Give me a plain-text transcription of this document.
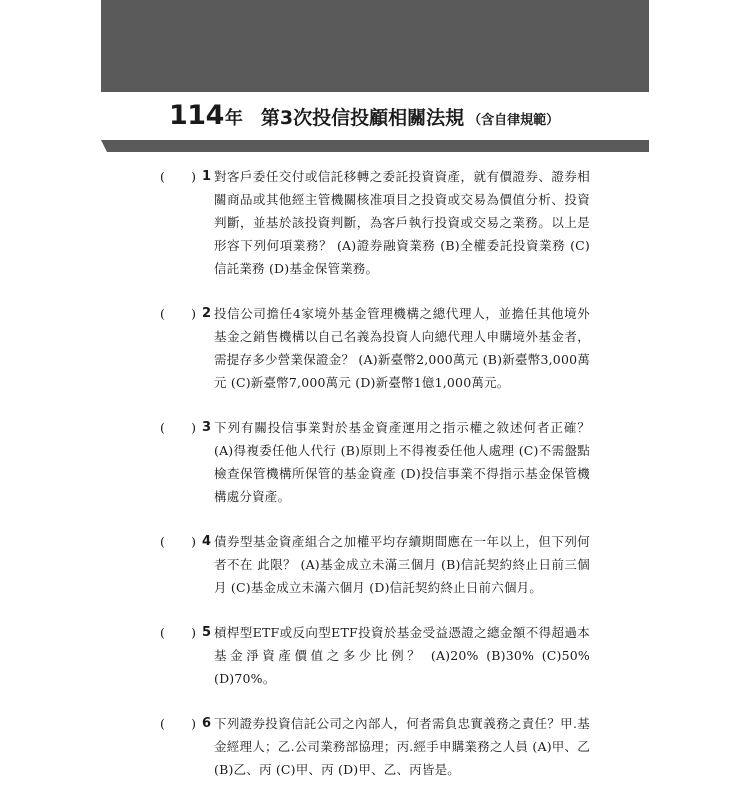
114 年 第3次投信投顧相關法規 （含自律規範）
( ) 1 對客戶委任交付或信託移轉之委託投資資產，就有價證券、證券相關商品或其他經主管機關核准項目之投資或交易為價值分析、投資判斷，並基於該投資判斷，為客戶執行投資或交易之業務。以上是形容下列何項業務？ (A)證券融資業務 (B)全權委託投資業務 (C)信託業務 (D)基金保管業務。
( ) 2 投信公司擔任4家境外基金管理機構之總代理人，並擔任其他境外基金之銷售機構以自己名義為投資人向總代理人申購境外基金者，需提存多少營業保證金？ (A)新臺幣2,000萬元 (B)新臺幣3,000萬元 (C)新臺幣7,000萬元 (D)新臺幣1億1,000萬元。
( ) 3 下列有關投信事業對於基金資產運用之指示權之敘述何者正確？ (A)得複委任他人代行 (B)原則上不得複委任他人處理 (C)不需盤點檢查保管機構所保管的基金資產 (D)投信事業不得指示基金保管機構處分資產。
( ) 4 債券型基金資產組合之加權平均存續期間應在一年以上，但下列何者不在 此限？ (A)基金成立未滿三個月 (B)信託契約終止日前三個月 (C)基金成立未滿六個月 (D)信託契約終止日前六個月。
( ) 5 槓桿型ETF或反向型ETF投資於基金受益憑證之總金額不得超過本基金淨資產價值之多少比例？ (A)20% (B)30% (C)50% (D)70%。
( ) 6 下列證券投資信託公司之內部人，何者需負忠實義務之責任？甲.基金經理人；乙.公司業務部協理；丙.經手申購業務之人員 (A)甲、乙 (B)乙、丙 (C)甲、丙 (D)甲、乙、丙皆是。
